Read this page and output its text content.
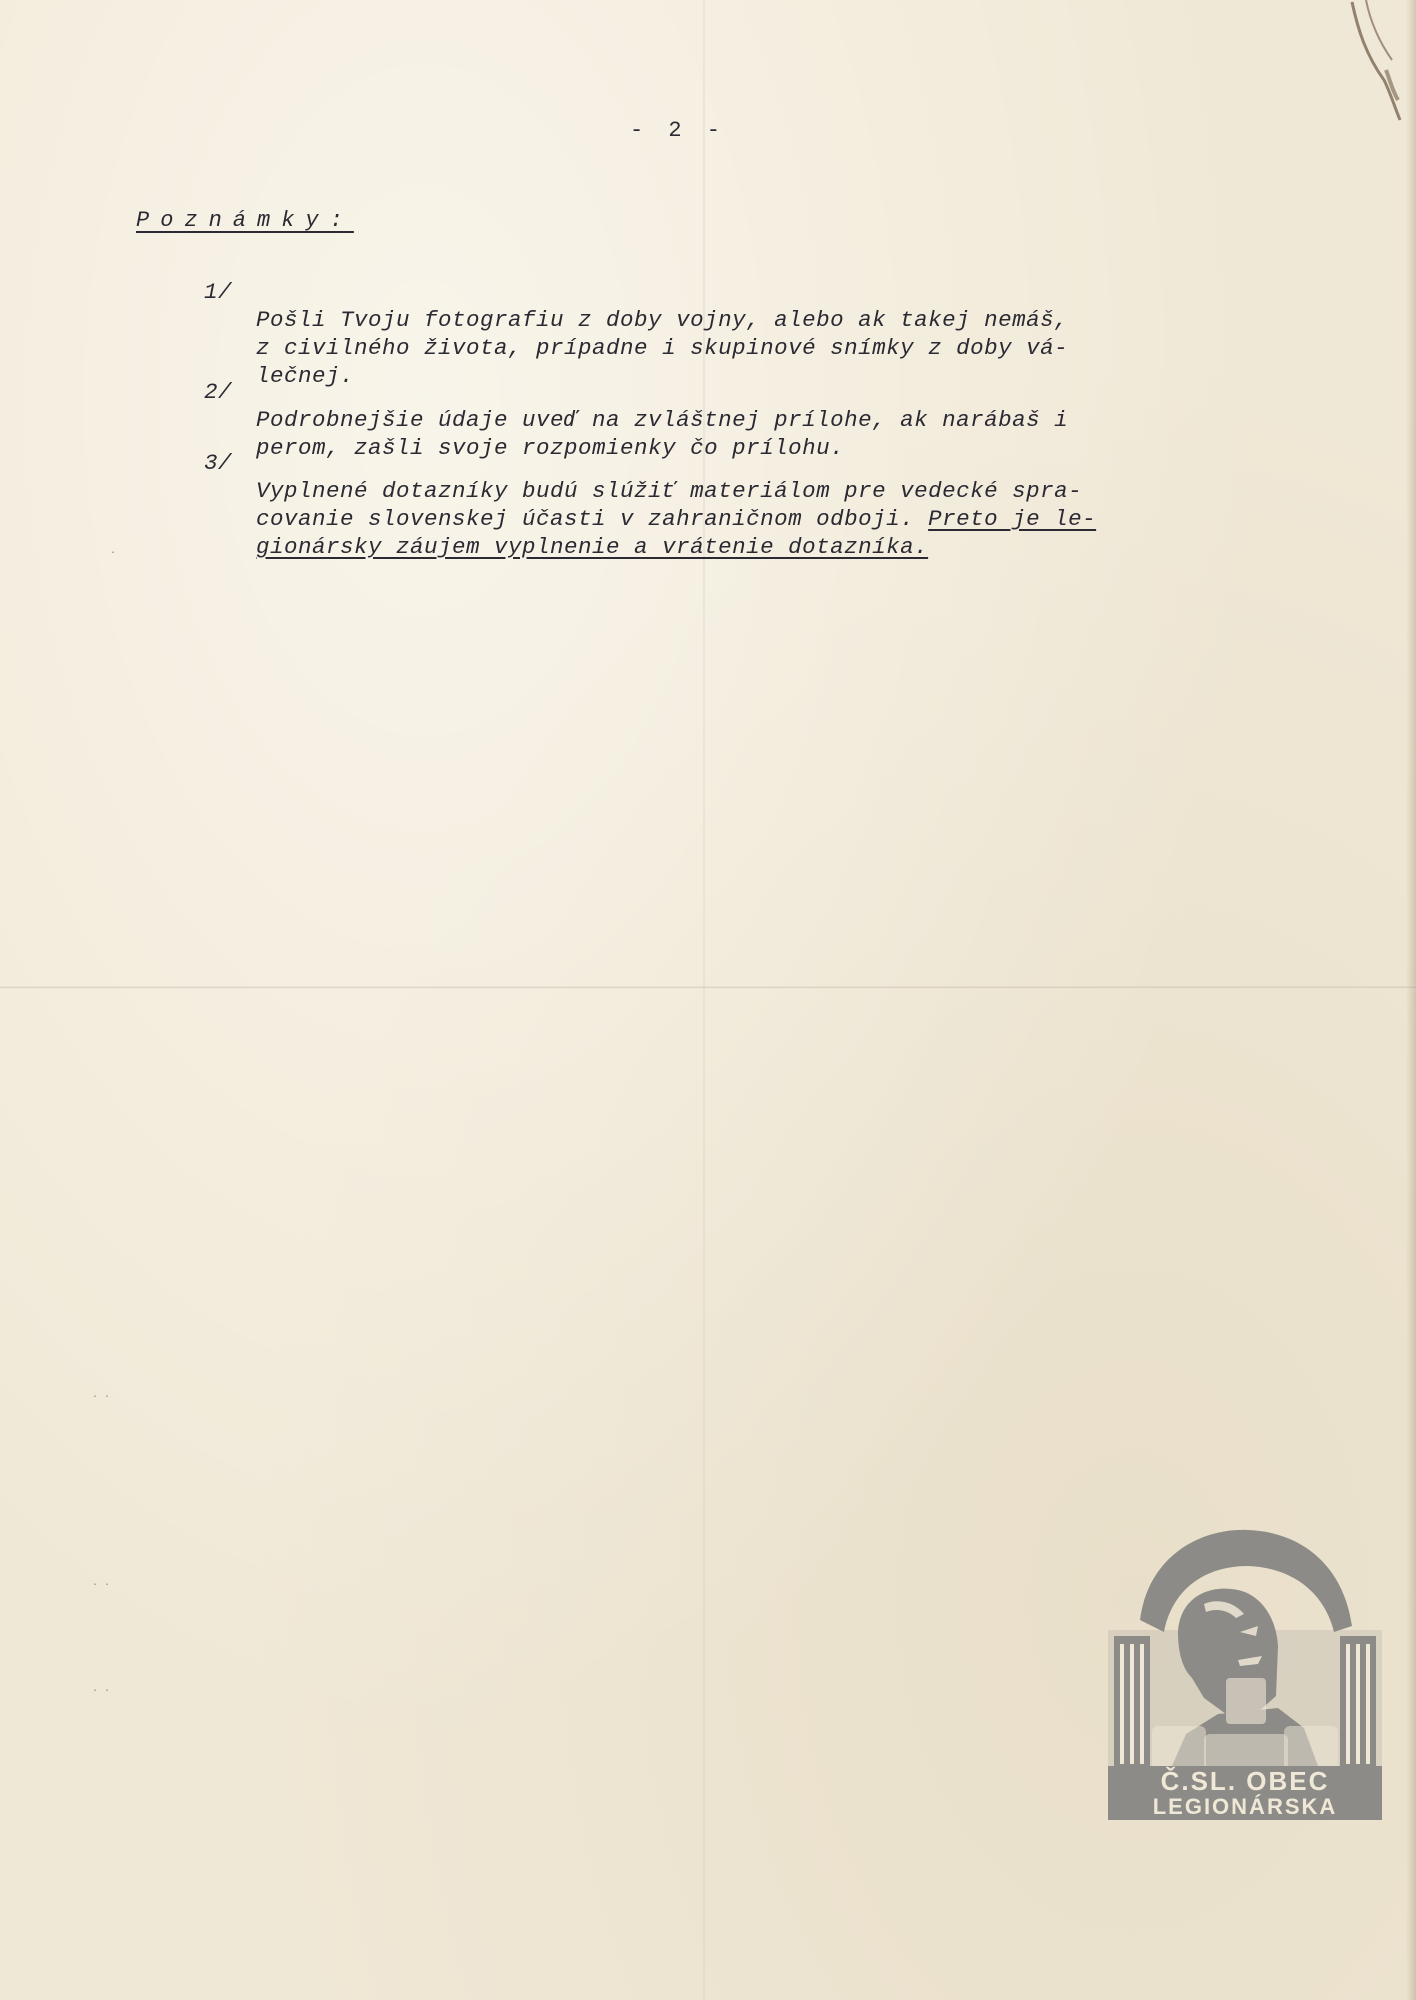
- 2 -
Poznámky:

1/

Pošli Tvoju fotografiu z doby vojny, alebo ak takej nemáš,
z civilného života, prípadne i skupinové snímky z doby vá-
lečnej.

2/

Podrobnejšie údaje uveď na zvláštnej prílohe, ak narábaš i
perom, zašli svoje rozpomienky čo prílohu.

3/

Vyplnené dotazníky budú slúžiť materiálom pre vedecké spra-
covanie slovenskej účasti v zahraničnom odboji. Preto je le-
gionársky záujem vyplnenie a vrátenie dotazníka.

·
· ·
· ·
· ·
Č.SL. OBEC
LEGIONÁRSKA
